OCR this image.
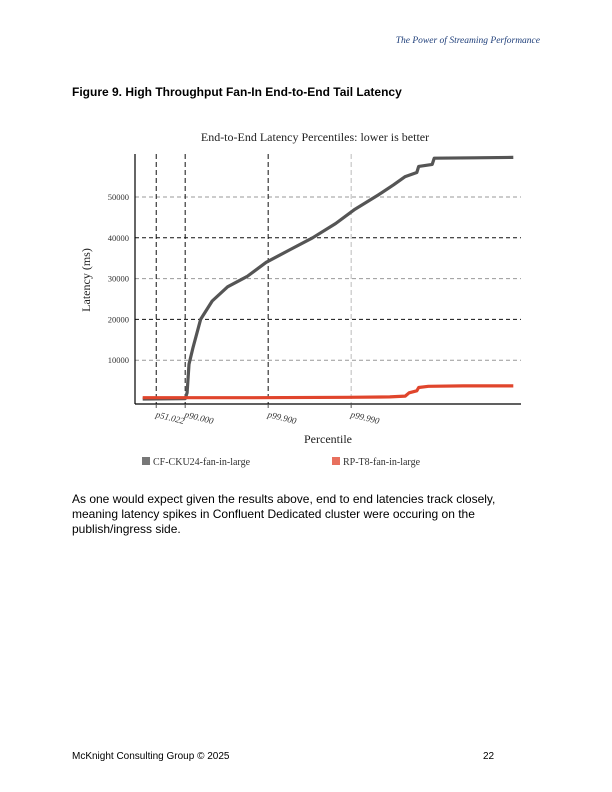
The Power of Streaming Performance
Figure 9. High Throughput Fan-In End-to-End Tail Latency
End-to-End Latency Percentiles: lower is better
10000
20000
30000
40000
50000
p51.022
p90.000	p99.900	p99.990
Latency (ms)
Percentile
CF-CKU24-fan-in-large	RP-T8-fan-in-large
As one would expect given the results above, end to end latencies track closely, meaning latency spikes in Confluent Dedicated cluster were occuring on the publish/ingress side.
McKnight Consulting Group © 2025	22
